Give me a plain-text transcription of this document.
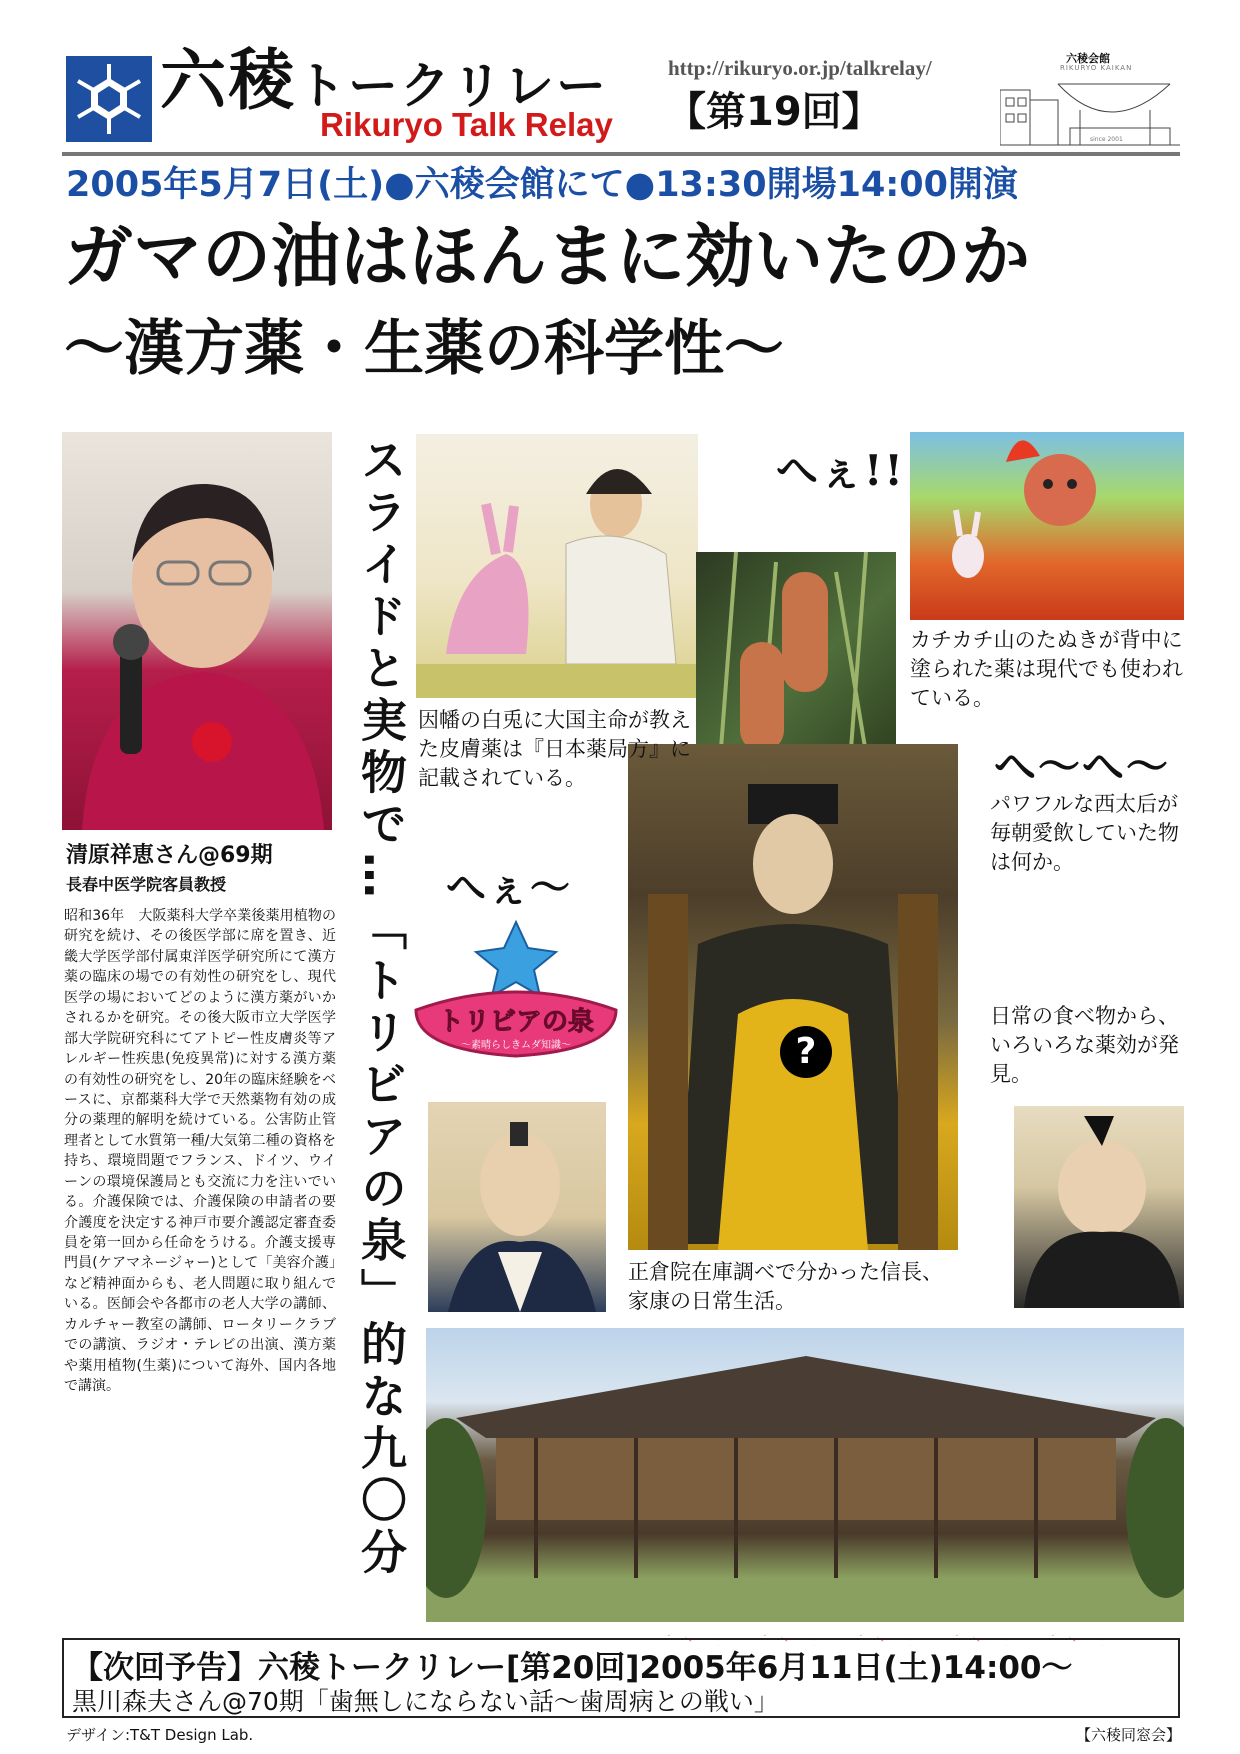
六稜トークリレー
Rikuryo Talk Relay
http://rikuryo.or.jp/talkrelay/
【第19回】
六稜会館
RIKURYO KAIKAN
since 2001
2005年5月7日(土)●六稜会館にて●13:30開場14:00開演
ガマの油はほんまに効いたのか
〜漢方薬・生薬の科学性〜
清原祥恵さん@69期
長春中医学院客員教授
昭和36年　大阪薬科大学卒業後薬用植物の研究を続け、その後医学部に席を置き、近畿大学医学部付属東洋医学研究所にて漢方薬の臨床の場での有効性の研究をし、現代医学の場においてどのように漢方薬がいかされるかを研究。その後大阪市立大学医学部大学院研究科にてアトピー性皮膚炎等アレルギー性疾患(免疫異常)に対する漢方薬の有効性の研究をし、20年の臨床経験をベースに、京都薬科大学で天然薬物有効の成分の薬理的解明を続けている。公害防止管理者として水質第一種/大気第二種の資格を持ち、環境問題でフランス、ドイツ、ウイーンの環境保護局とも交流に力を注いでいる。介護保険では、介護保険の申請者の要介護度を決定する神戸市要介護認定審査委員を第一回から任命をうける。介護支援専門員(ケアマネージャー)として「美容介護」など精神面からも、老人問題に取り組んでいる。医師会や各都市の老人大学の講師、カルチャー教室の講師、ロータリークラブでの講演、ラジオ・テレビの出演、漢方薬や薬用植物(生薬)について海外、国内各地で講演。	スライドと実物で…「トリビアの泉」的な九〇分	?
トリビアの泉
〜素晴らしきムダ知識〜
へぇ!!
へぇ〜
へ〜へ〜
へぇ〜へぇ〜へぇ〜へぇ〜へぇ〜
因幡の白兎に大国主命が教えた皮膚薬は『日本薬局方』に記載されている。
カチカチ山のたぬきが背中に塗られた薬は現代でも使われている。
パワフルな西太后が毎朝愛飲していた物は何か。
日常の食べ物から、いろいろな薬効が発見。
正倉院在庫調べで分かった信長、家康の日常生活。
【次回予告】六稜トークリレー[第20回]2005年6月11日(土)14:00〜
黒川森夫さん@70期「歯無しにならない話〜歯周病との戦い」
デザイン:T&T Design Lab.	【六稜同窓会】
